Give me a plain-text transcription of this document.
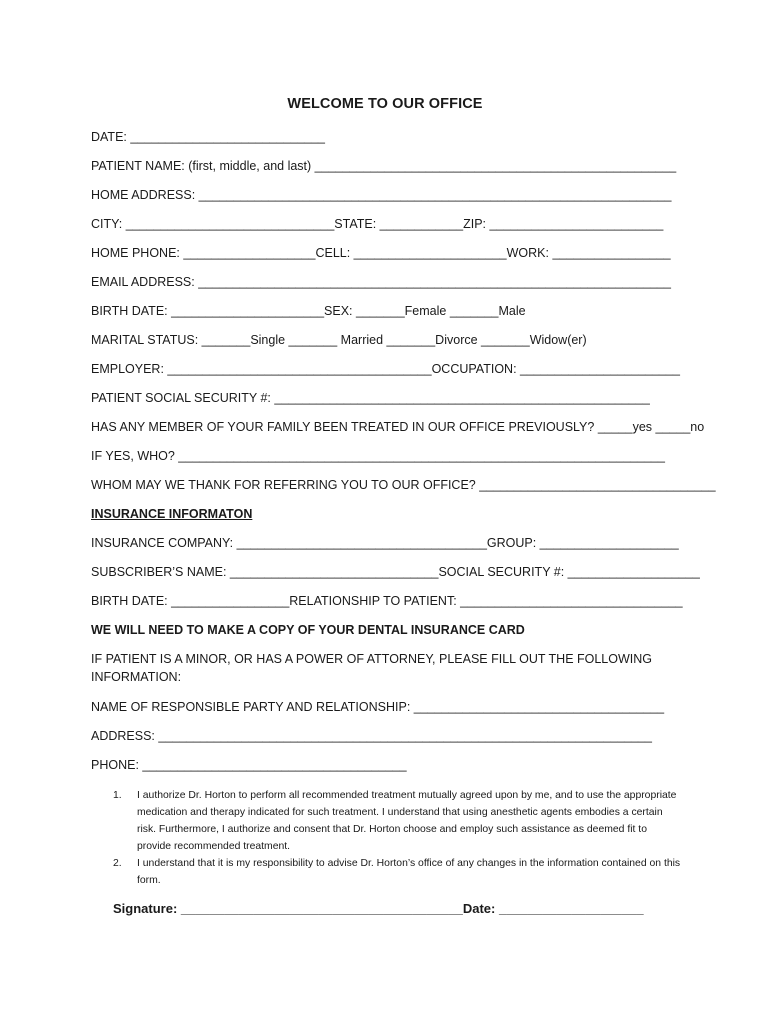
WELCOME TO OUR OFFICE
DATE: ____________________________
PATIENT NAME: (first, middle, and last) ____________________________________________________
HOME ADDRESS: ____________________________________________________________________
CITY: ______________________________STATE: ____________ZIP: _________________________
HOME PHONE: ___________________CELL: ______________________WORK: _________________
EMAIL ADDRESS: ____________________________________________________________________
BIRTH DATE: ______________________SEX: _______Female _______Male
MARITAL STATUS: _______Single _______ Married _______Divorce _______Widow(er)
EMPLOYER: ______________________________________OCCUPATION: _______________________
PATIENT SOCIAL SECURITY #: ______________________________________________________
HAS ANY MEMBER OF YOUR FAMILY BEEN TREATED IN OUR OFFICE PREVIOUSLY? _____yes _____no
IF YES, WHO? ______________________________________________________________________
WHOM MAY WE THANK FOR REFERRING YOU TO OUR OFFICE? __________________________________
INSURANCE INFORMATON
INSURANCE COMPANY: ____________________________________GROUP: ____________________
SUBSCRIBER’S NAME: ______________________________SOCIAL SECURITY #: ___________________
BIRTH DATE: _________________RELATIONSHIP TO PATIENT: ________________________________
WE WILL NEED TO MAKE A COPY OF YOUR DENTAL INSURANCE CARD
IF PATIENT IS A MINOR, OR HAS A POWER OF ATTORNEY, PLEASE FILL OUT THE FOLLOWING
INFORMATION:
NAME OF RESPONSIBLE PARTY AND RELATIONSHIP: ____________________________________
ADDRESS: _______________________________________________________________________
PHONE: ______________________________________
1. I authorize Dr. Horton to perform all recommended treatment mutually agreed upon by me, and to use the appropriate medication and therapy indicated for such treatment. I understand that using anesthetic agents embodies a certain risk. Furthermore, I authorize and consent that Dr. Horton choose and employ such assistance as deemed fit to provide recommended treatment.
2. I understand that it is my responsibility to advise Dr. Horton’s office of any changes in the information contained on this form.
Signature: _______________________________________Date: ____________________
